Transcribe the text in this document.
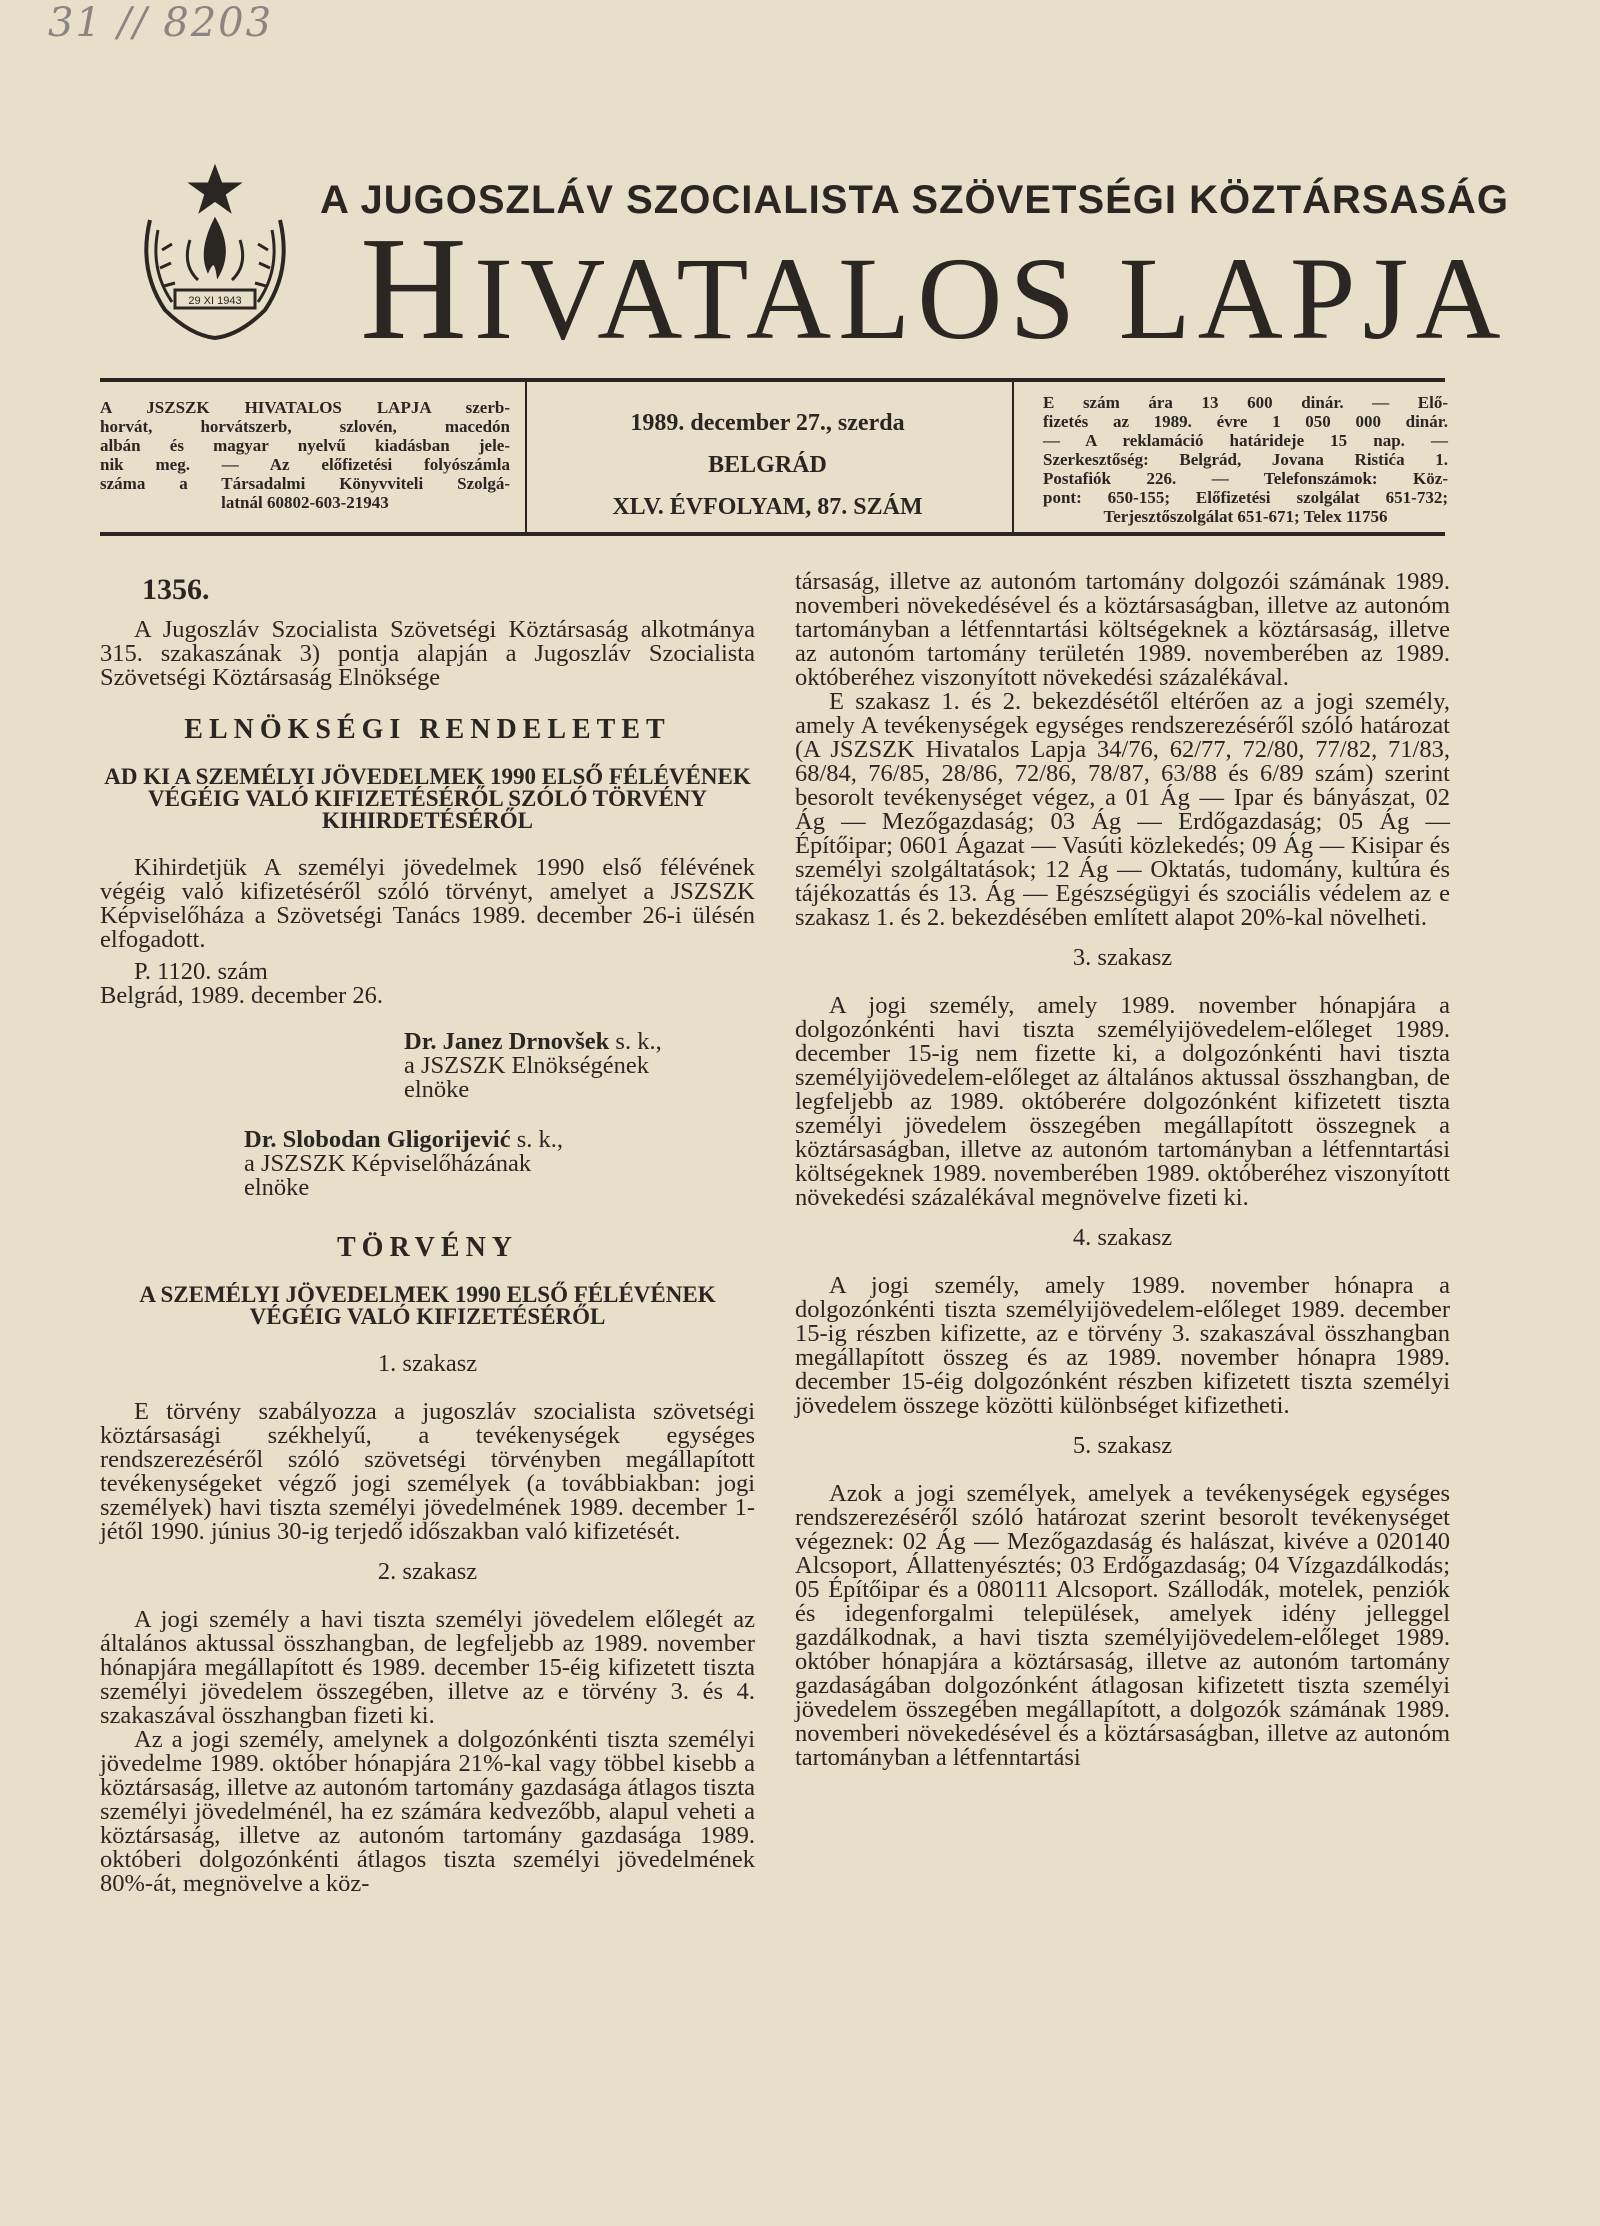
31 // 8203
29 XI 1943
A JUGOSZLÁV SZOCIALISTA SZÖVETSÉGI KÖZTÁRSASÁG
HIVATALOS LAPJA
A JSZSZK HIVATALOS LAPJA szerb-
horvát, horvátszerb, szlovén, macedón
albán és magyar nyelvű kiadásban jele-
nik meg. — Az előfizetési folyószámla
száma a Társadalmi Könyvviteli Szolgá-
latnál 60802-603-21943
1989. december 27., szerda
BELGRÁD
XLV. ÉVFOLYAM, 87. SZÁM
E szám ára 13 600 dinár. — Elő-
fizetés az 1989. évre 1 050 000 dinár.
— A reklamáció határideje 15 nap. —
Szerkesztőség: Belgrád, Jovana Ristića 1.
Postafiók 226. — Telefonszámok: Köz-
pont: 650-155; Előfizetési szolgálat 651-732;
Terjesztőszolgálat 651-671; Telex 11756
1356.

A Jugoszláv Szocialista Szövetségi Köztársaság alkotmánya 315. szakaszának 3) pontja alapján a Jugoszláv Szocialista Szövetségi Köztársaság Elnöksége

ELNÖKSÉGI RENDELETET
AD KI A SZEMÉLYI JÖVEDELMEK 1990 ELSŐ FÉLÉVÉNEK VÉGÉIG VALÓ KIFIZETÉSÉRŐL SZÓLÓ TÖRVÉNY KIHIRDETÉSÉRŐL

Kihirdetjük A személyi jövedelmek 1990 első félévének végéig való kifizetéséről szóló törvényt, amelyet a JSZSZK Képviselőháza a Szövetségi Tanács 1989. december 26-i ülésén elfogadott.

P. 1120. szám

Belgrád, 1989. december 26.

Dr. Janez Drnovšek s. k.,

a JSZSZK Elnökségének

elnöke

Dr. Slobodan Gligorijević s. k.,

a JSZSZK Képviselőházának

elnöke

TÖRVÉNY
A SZEMÉLYI JÖVEDELMEK 1990 ELSŐ FÉLÉVÉNEK VÉGÉIG VALÓ KIFIZETÉSÉRŐL

1. szakasz

E törvény szabályozza a jugoszláv szocialista szövetségi köztársasági székhelyű, a tevékenységek egységes rendszerezéséről szóló szövetségi törvényben megállapított tevékenységeket végző jogi személyek (a továbbiakban: jogi személyek) havi tiszta személyi jövedelmének 1989. december 1-jétől 1990. június 30-ig terjedő időszakban való kifizetését.

2. szakasz

A jogi személy a havi tiszta személyi jövedelem előlegét az általános aktussal összhangban, de legfeljebb az 1989. november hónapjára megállapított és 1989. december 15-éig kifizetett tiszta személyi jövedelem összegében, illetve az e törvény 3. és 4. szakaszával összhangban fizeti ki.

Az a jogi személy, amelynek a dolgozónkénti tiszta személyi jövedelme 1989. október hónapjára 21%-kal vagy többel kisebb a köztársaság, illetve az autonóm tartomány gazdasága átlagos tiszta személyi jövedelménél, ha ez számára kedvezőbb, alapul veheti a köztársaság, illetve az autonóm tartomány gazdasága 1989. októberi dolgozónkénti átlagos tiszta személyi jövedelmének 80%-át, megnövelve a köz-

társaság, illetve az autonóm tartomány dolgozói számának 1989. novemberi növekedésével és a köztársaságban, illetve az autonóm tartományban a létfenntartási költségeknek a köztársaság, illetve az autonóm tartomány területén 1989. novemberében az 1989. októberéhez viszonyított növekedési százalékával.

E szakasz 1. és 2. bekezdésétől eltérően az a jogi személy, amely A tevékenységek egységes rendszerezéséről szóló határozat (A JSZSZK Hivatalos Lapja 34/76, 62/77, 72/80, 77/82, 71/83, 68/84, 76/85, 28/86, 72/86, 78/87, 63/88 és 6/89 szám) szerint besorolt tevékenységet végez, a 01 Ág — Ipar és bányászat, 02 Ág — Mezőgazdaság; 03 Ág — Erdőgazdaság; 05 Ág — Építőipar; 0601 Ágazat — Vasúti közlekedés; 09 Ág — Kisipar és személyi szolgáltatások; 12 Ág — Oktatás, tudomány, kultúra és tájékozattás és 13. Ág — Egészségügyi és szociális védelem az e szakasz 1. és 2. bekezdésében említett alapot 20%-kal növelheti.

3. szakasz

A jogi személy, amely 1989. november hónapjára a dolgozónkénti havi tiszta személyijövedelem-előleget 1989. december 15-ig nem fizette ki, a dolgozónkénti havi tiszta személyijövedelem-előleget az általános aktussal összhangban, de legfeljebb az 1989. októberére dolgozónként kifizetett tiszta személyi jövedelem összegében megállapított összegnek a köztársaságban, illetve az autonóm tartományban a létfenntartási költségeknek 1989. novemberében 1989. októberéhez viszonyított növekedési százalékával megnövelve fizeti ki.

4. szakasz

A jogi személy, amely 1989. november hónapra a dolgozónkénti tiszta személyijövedelem-előleget 1989. december 15-ig részben kifizette, az e törvény 3. szakaszával összhangban megállapított összeg és az 1989. november hónapra 1989. december 15-éig dolgozónként részben kifizetett tiszta személyi jövedelem összege közötti különbséget kifizetheti.

5. szakasz

Azok a jogi személyek, amelyek a tevékenységek egységes rendszerezéséről szóló határozat szerint besorolt tevékenységet végeznek: 02 Ág — Mezőgazdaság és halászat, kivéve a 020140 Alcsoport, Állattenyésztés; 03 Erdőgazdaság; 04 Vízgazdálkodás; 05 Építőipar és a 080111 Alcsoport. Szállodák, motelek, penziók és idegenforgalmi települések, amelyek idény jelleggel gazdálkodnak, a havi tiszta személyijövedelem-előleget 1989. október hónapjára a köztársaság, illetve az autonóm tartomány gazdaságában dolgozónként átlagosan kifizetett tiszta személyi jövedelem összegében megállapított, a dolgozók számának 1989. novemberi növekedésével és a köztársaságban, illetve az autonóm tartományban a létfenntartási
